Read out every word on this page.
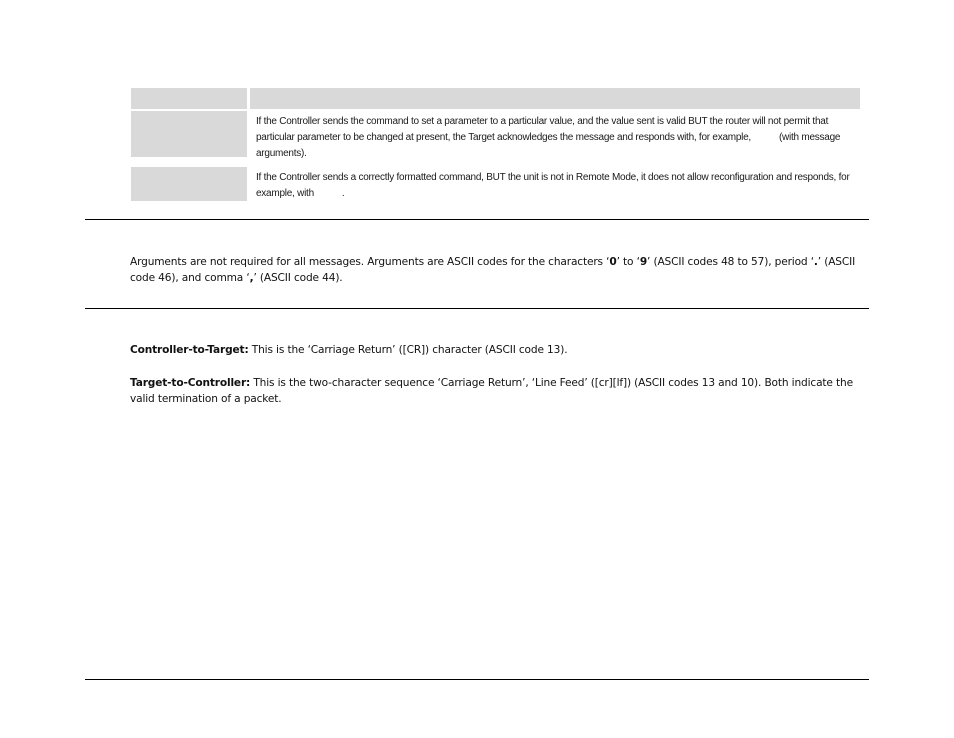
If the Controller sends the command to set a parameter to a particular value, and the value sent is valid BUT the router will not permit that particular parameter to be changed at present, the Target acknowledges the message and responds with, for example,	(with message arguments).
If the Controller sends a correctly formatted command, BUT the unit is not in Remote Mode, it does not allow reconfiguration and responds, for example, with	.
Arguments are not required for all messages. Arguments are ASCII codes for the characters ‘0’ to ‘9’ (ASCII codes 48 to 57), period ‘.’ (ASCII code 46), and comma ‘,’ (ASCII code 44).
Controller-to-Target: This is the ‘Carriage Return’ ([CR]) character (ASCII code 13).
Target-to-Controller: This is the two-character sequence ‘Carriage Return’, ‘Line Feed’ ([cr][lf]) (ASCII codes 13 and 10). Both indicate the valid termination of a packet.
